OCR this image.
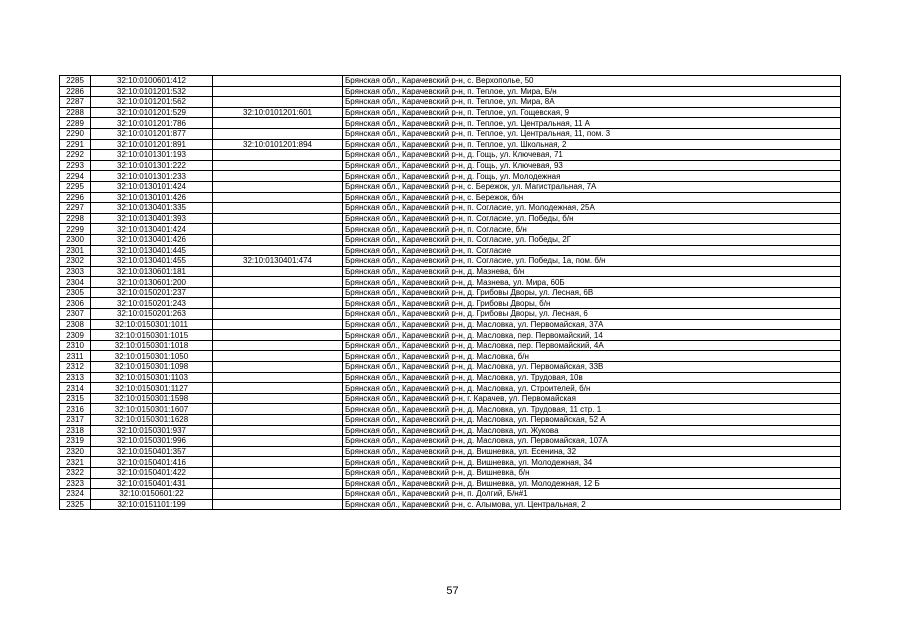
2285	32:10:0100601:412		Брянская обл., Карачевский р-н, с. Верхополье, 50
2286	32:10:0101201:532		Брянская обл., Карачевский р-н, п. Теплое, ул. Мира, Б/н
2287	32:10:0101201:562		Брянская обл., Карачевский р-н, п. Теплое, ул. Мира, 8А
2288	32:10:0101201:529	32:10:0101201:601	Брянская обл., Карачевский р-н, п. Теплое, ул. Гощевская, 9
2289	32:10:0101201:786		Брянская обл., Карачевский р-н, п. Теплое, ул. Центральная, 11 А
2290	32:10:0101201:877		Брянская обл., Карачевский р-н, п. Теплое, ул. Центральная, 11, пом. 3
2291	32:10:0101201:891	32:10:0101201:894	Брянская обл., Карачевский р-н, п. Теплое, ул. Школьная, 2
2292	32:10:0101301:193		Брянская обл., Карачевский р-н, д. Гощь, ул. Ключевая, 71
2293	32:10:0101301:222		Брянская обл., Карачевский р-н, д. Гощь, ул. Ключевая, 93
2294	32:10:0101301:233		Брянская обл., Карачевский р-н, д. Гощь, ул. Молодежная
2295	32:10:0130101:424		Брянская обл., Карачевский р-н, с. Бережок, ул. Магистральная, 7А
2296	32:10:0130101:426		Брянская обл., Карачевский р-н, с. Бережок, б/н
2297	32:10:0130401:335		Брянская обл., Карачевский р-н, п. Согласие, ул. Молодежная, 25А
2298	32:10:0130401:393		Брянская обл., Карачевский р-н, п. Согласие, ул. Победы, б/н
2299	32:10:0130401:424		Брянская обл., Карачевский р-н, п. Согласие, б/н
2300	32:10:0130401:426		Брянская обл., Карачевский р-н, п. Согласие, ул. Победы, 2Г
2301	32:10:0130401:445		Брянская обл., Карачевский р-н, п. Согласие
2302	32:10:0130401:455	32:10:0130401:474	Брянская обл., Карачевский р-н, п. Согласие, ул. Победы, 1а, пом. б/н
2303	32:10:0130601:181		Брянская обл., Карачевский р-н, д. Мазнева, б/н
2304	32:10:0130601:200		Брянская обл., Карачевский р-н, д. Мазнева, ул. Мира, 60Б
2305	32:10:0150201:237		Брянская обл., Карачевский р-н, д. Грибовы Дворы, ул. Лесная, 6В
2306	32:10:0150201:243		Брянская обл., Карачевский р-н, д. Грибовы Дворы, б/н
2307	32:10:0150201:263		Брянская обл., Карачевский р-н, д. Грибовы Дворы, ул. Лесная, 6
2308	32:10:0150301:1011		Брянская обл., Карачевский р-н, д. Масловка, ул. Первомайская, 37А
2309	32:10:0150301:1015		Брянская обл., Карачевский р-н, д. Масловка, пер. Первомайский, 14
2310	32:10:0150301:1018		Брянская обл., Карачевский р-н, д. Масловка, пер. Первомайский, 4А
2311	32:10:0150301:1050		Брянская обл., Карачевский р-н, д. Масловка, б/н
2312	32:10:0150301:1098		Брянская обл., Карачевский р-н, д. Масловка, ул. Первомайская, 33В
2313	32:10:0150301:1103		Брянская обл., Карачевский р-н, д. Масловка, ул. Трудовая, 10в
2314	32:10:0150301:1127		Брянская обл., Карачевский р-н, д. Масловка, ул. Строителей, б/н
2315	32:10:0150301:1598		Брянская обл., Карачевский р-н, г. Карачев, ул. Первомайская
2316	32:10:0150301:1607		Брянская обл., Карачевский р-н, д. Масловка, ул. Трудовая, 11 стр. 1
2317	32:10:0150301:1628		Брянская обл., Карачевский р-н, д. Масловка, ул. Первомайская, 52 А
2318	32:10:0150301:937		Брянская обл., Карачевский р-н, д. Масловка, ул. Жукова
2319	32:10:0150301:996		Брянская обл., Карачевский р-н, д. Масловка, ул. Первомайская, 107А
2320	32:10:0150401:357		Брянская обл., Карачевский р-н, д. Вишневка, ул. Есенина, 32
2321	32:10:0150401:416		Брянская обл., Карачевский р-н, д. Вишневка, ул. Молодежная, 34
2322	32:10:0150401:422		Брянская обл., Карачевский р-н, д. Вишневка, б/н
2323	32:10:0150401:431		Брянская обл., Карачевский р-н, д. Вишневка, ул. Молодежная, 12 Б
2324	32:10:0150601:22		Брянская обл., Карачевский р-н, п. Долгий, Б/н#1
2325	32:10:0151101:199		Брянская обл., Карачевский р-н, с. Алымова, ул. Центральная, 2
57
